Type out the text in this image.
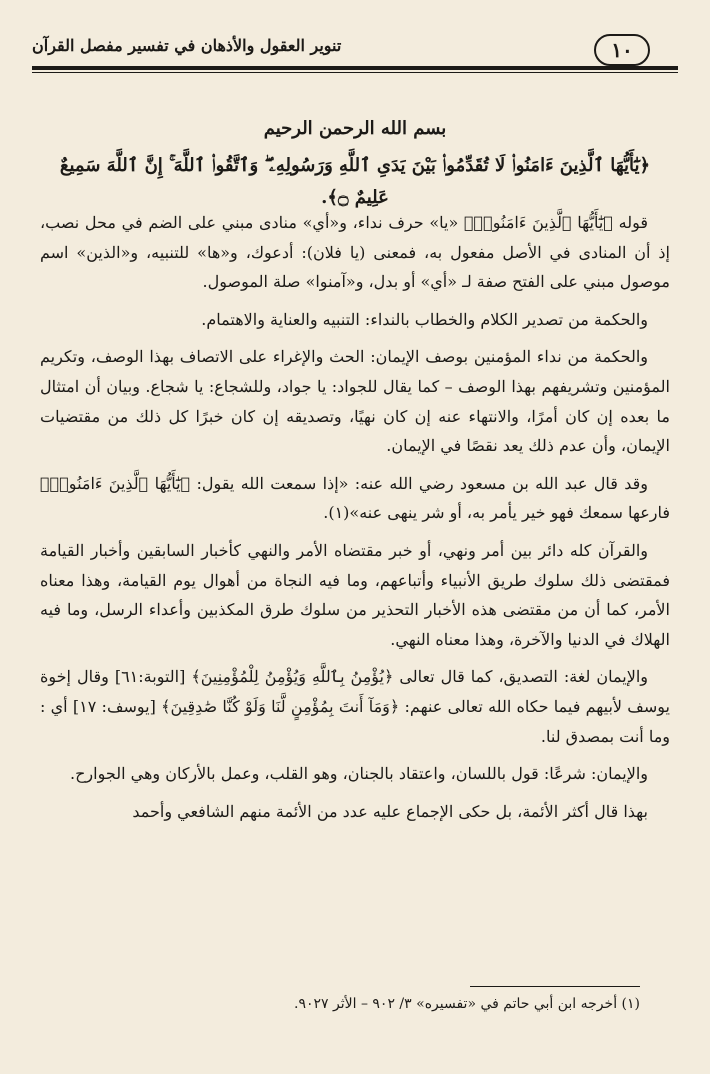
١٠
تنوير العقول والأذهان في تفسير مفصل القرآن
بسم الله الرحمن الرحيم
﴿يَٰٓأَيُّهَا ٱلَّذِينَ ءَامَنُوا۟ لَا تُقَدِّمُوا۟ بَيْنَ يَدَىِ ٱللَّهِ وَرَسُولِهِۦ ۖ وَٱتَّقُوا۟ ٱللَّهَ ۚ إِنَّ ٱللَّهَ سَمِيعٌ عَلِيمٌ ۝﴾.

قوله ﴿يَٰٓأَيُّهَا ٱلَّذِينَ ءَامَنُوا۟﴾ «يا» حرف نداء، و«أي» منادى مبني على الضم في محل نصب، إذ أن المنادى في الأصل مفعول به، فمعنى (يا فلان): أدعوك، و«ها» للتنبيه، و«الذين» اسم موصول مبني على الفتح صفة لـ «أي» أو بدل، و«آمنوا» صلة الموصول.

والحكمة من تصدير الكلام والخطاب بالنداء: التنبيه والعناية والاهتمام.

والحكمة من نداء المؤمنين بوصف الإيمان: الحث والإغراء على الاتصاف بهذا الوصف، وتكريم المؤمنين وتشريفهم بهذا الوصف – كما يقال للجواد: يا جواد، وللشجاع: يا شجاع. وبيان أن امتثال ما بعده إن كان أمرًا، والانتهاء عنه إن كان نهيًا، وتصديقه إن كان خبرًا كل ذلك من مقتضيات الإيمان، وأن عدم ذلك يعد نقصًا في الإيمان.

وقد قال عبد الله بن مسعود رضي الله عنه: «إذا سمعت الله يقول: ﴿يَٰٓأَيُّهَا ٱلَّذِينَ ءَامَنُوا۟﴾ فارعها سمعك فهو خير يأمر به، أو شر ينهى عنه»(١).

والقرآن كله دائر بين أمر ونهي، أو خبر مقتضاه الأمر والنهي كأخبار السابقين وأخبار القيامة فمقتضى ذلك سلوك طريق الأنبياء وأتباعهم، وما فيه النجاة من أهوال يوم القيامة، وهذا معناه الأمر، كما أن من مقتضى هذه الأخبار التحذير من سلوك طرق المكذبين وأعداء الرسل، وما فيه الهلاك في الدنيا والآخرة، وهذا معناه النهي.

والإيمان لغة: التصديق، كما قال تعالى ﴿يُؤْمِنُ بِٱللَّهِ وَيُؤْمِنُ لِلْمُؤْمِنِينَ﴾ [التوبة:٦١] وقال إخوة يوسف لأبيهم فيما حكاه الله تعالى عنهم: ﴿وَمَآ أَنتَ بِمُؤْمِنٍ لَّنَا وَلَوْ كُنَّا صَٰدِقِينَ﴾ [يوسف: ١٧] أي : وما أنت بمصدق لنا.

والإيمان: شرعًا: قول باللسان، واعتقاد بالجنان، وهو القلب، وعمل بالأركان وهي الجوارح.

بهذا قال أكثر الأئمة، بل حكى الإجماع عليه عدد من الأئمة منهم الشافعي وأحمد

(١) أخرجه ابن أبي حاتم في «تفسيره» ٣/ ٩٠٢ – الأثر ٩٠٢٧.
